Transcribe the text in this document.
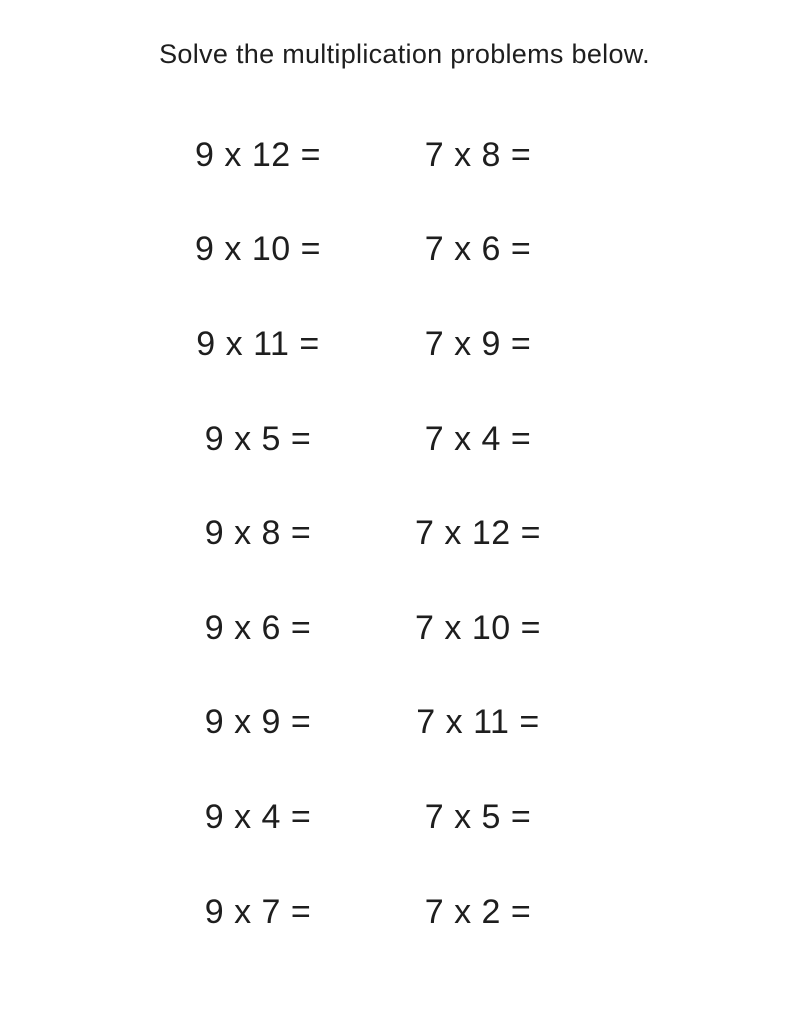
Solve the multiplication problems below.
9 x 12 =	7 x 8 =
9 x 10 =	7 x 6 =
9 x 11 =	7 x 9 =
9 x 5 =	7 x 4 =
9 x 8 =	7 x 12 =
9 x 6 =	7 x 10 =
9 x 9 =	7 x 11 =
9 x 4 =	7 x 5 =
9 x 7 =	7 x 2 =
